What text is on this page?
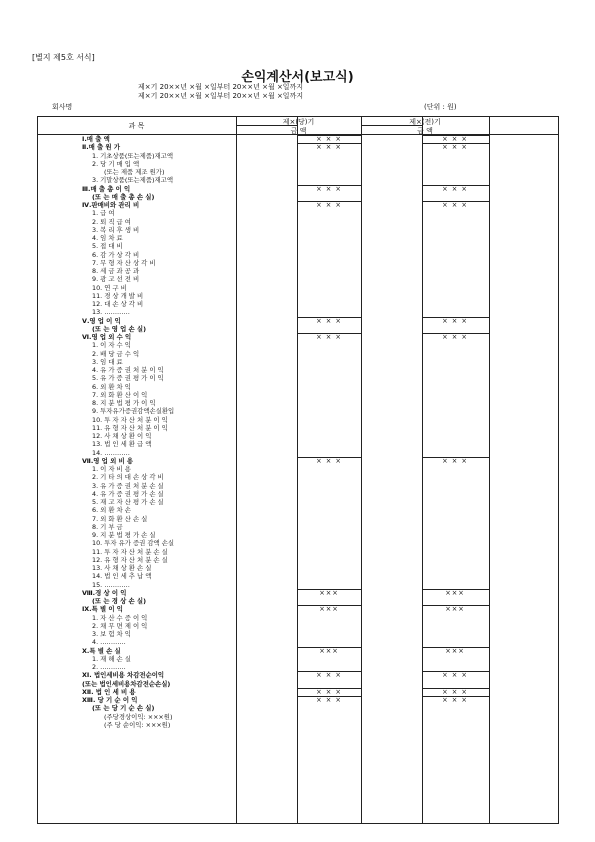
[별지 제5호 서식]
손익계산서(보고식)
제×기 20××년 ×월 ×일부터 20××년 ×월 ×일까지
제×기 20××년 ×월 ×일부터 20××년 ×월 ×일까지
회사명	(단위 : 원)
과 목	제×(당)기	제×(전)기
금 액	금 액
Ⅰ.매 출 액	× × ×	× × ×
Ⅱ.매 출 원 가	× × ×	× × ×
1. 기초상품(또는제품)재고액
2. 당 기 매 입 액
(또는 제품 제조 원가)
3. 기말상품(또는제품)재고액
Ⅲ.매 출 총 이 익	× × ×	× × ×
(또 는 매 출 총 손 실)
Ⅳ.판매비와 관리 비	× × ×	× × ×
1. 급 여
2. 퇴 직 급 여
3. 복 리 후 생 비
4. 임 차 료
5. 접 대 비
6. 감 가 상 각 비
7. 무 형 자 산 상 각 비
8. 세 금 과 공 과
9. 광 고 선 전 비
10. 연 구 비
11. 경 상 개 발 비
12. 대 손 상 각 비
13. ․․․․․․․․․․․․
Ⅴ.영 업 이 익	× × ×	× × ×
(또 는 영 업 손 실)
Ⅵ.영 업 외 수 익	× × ×	× × ×
1. 이 자 수 익
2. 배 당 금 수 익
3. 임 대 료
4. 유 가 증 권 처 분 이 익
5. 유 가 증 권 평 가 이 익
6. 외 환 차 익
7. 외 화 환 산 이 익
8. 지 분 법 평 가 이 익
9. 투자유가증권감액손실환입
10. 투 자 자 산 처 분 이 익
11. 유 형 자 산 처 분 이 익
12. 사 채 상 환 이 익
13. 법 인 세 환 급 액
14. ․․․․․․․․․․․․
Ⅶ.영 업 외 비 용	× × ×	× × ×
1. 이 자 비 용
2. 기 타 의 대 손 상 각 비
3. 유 가 증 권 처 분 손 실
4. 유 가 증 권 평 가 손 실
5. 재 고 자 산 평 가 손 실
6. 외 환 차 손
7. 외 화 환 산 손 실
8. 기 부 금
9. 지 분 법 평 가 손 실
10. 투자 유가 증권 감액 손실
11. 투 자 자 산 처 분 손 실
12. 유 형 자 산 처 분 손 실
13. 사 채 상 환 손 실
14. 법 인 세 추 납 액
15. ․․․․․․․․․․․․
Ⅷ.경 상 이 익	×××	×××
(또 는 경 상 손 실)
Ⅸ.특 별 이 익	×××	×××
1. 자 산 수 증 이 익
2. 채 무 면 제 이 익
3. 보 험 차 익
4. ․․․․․․․․․․․․
Ⅹ.특 별 손 실	×××	×××
1. 재 해 손 실
2. ․․․․․․․․․․․․
ⅩⅠ. 법인세비용 차감전순이익	× × ×	× × ×
(또는 법인세비용차감전순손실)
ⅩⅡ. 법 인 세 비 용	× × ×	× × ×
ⅩⅢ. 당 기 순 이 익	× × ×	× × ×
(또 는 당 기 순 손 실)
(주당경상이익: ×××원)
(주 당 순이익: ×××원)
